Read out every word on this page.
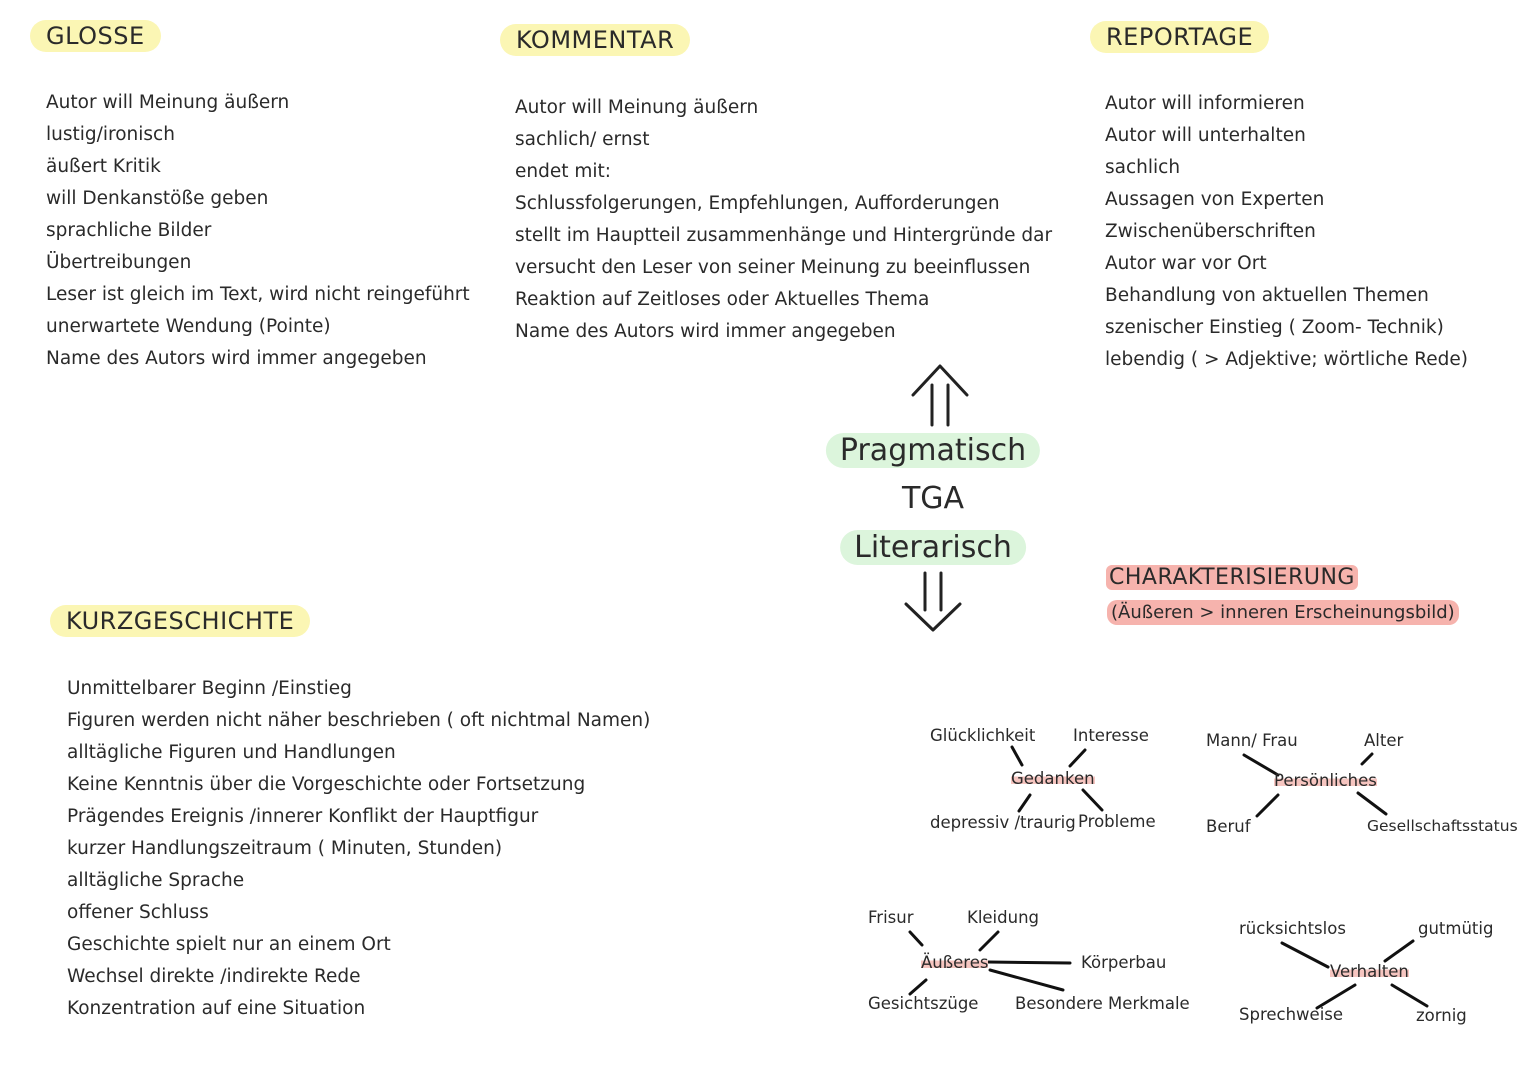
GLOSSE
Autor will Meinung äußern
lustig/ironisch
äußert Kritik
will Denkanstöße geben
sprachliche Bilder
Übertreibungen
Leser ist gleich im Text, wird nicht reingeführt
unerwartete Wendung (Pointe)
Name des Autors wird immer angegeben
KOMMENTAR
Autor will Meinung äußern
sachlich/ ernst
endet mit:
Schlussfolgerungen, Empfehlungen, Aufforderungen
stellt im Hauptteil zusammenhänge und Hintergründe dar
versucht den Leser von seiner Meinung zu beeinflussen
Reaktion auf Zeitloses oder Aktuelles Thema
Name des Autors wird immer angegeben
REPORTAGE
Autor will informieren
Autor will unterhalten
sachlich
Aussagen von Experten
Zwischenüberschriften
Autor war vor Ort
Behandlung von aktuellen Themen
szenischer Einstieg ( Zoom- Technik)
lebendig ( > Adjektive; wörtliche Rede)
Pragmatisch
TGA
Literarisch
KURZGESCHICHTE
Unmittelbarer Beginn /Einstieg
Figuren werden nicht näher beschrieben ( oft nichtmal Namen)
alltägliche Figuren und Handlungen
Keine Kenntnis über die Vorgeschichte oder Fortsetzung
Prägendes Ereignis /innerer Konflikt der Hauptfigur
kurzer Handlungszeitraum ( Minuten, Stunden)
alltägliche Sprache
offener Schluss
Geschichte spielt nur an einem Ort
Wechsel direkte /indirekte Rede
Konzentration auf eine Situation
CHARAKTERISIERUNG
(Äußeren > inneren Erscheinungsbild)
Glücklichkeit Interesse
Gedanken
depressiv /traurig Probleme
Mann/ Frau	Alter
Persönliches
Beruf	Gesellschaftsstatus
Frisur	Kleidung
Äußeres	Körperbau
Gesichtszüge Besondere Merkmale
rücksichtslos	gutmütig
Verhalten
Sprechweise	zornig
